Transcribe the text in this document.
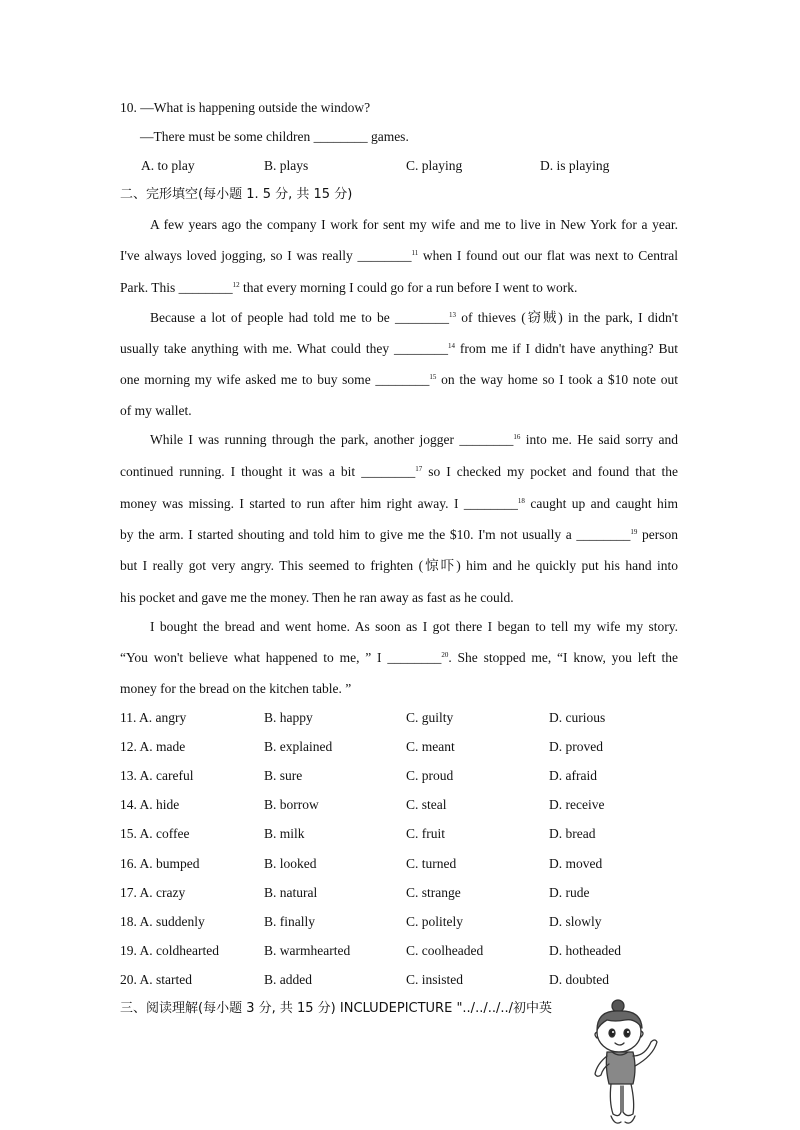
10. —What is happening outside the window?
—There must be some children ________ games.
A. to play	B. plays	C. playing	D. is playing
二、完形填空(每小题 1. 5 分, 共 15 分)
A few years ago the company I work for sent my wife and me to live in New York for a year.
I've always loved jogging, so I was really ________$^{11}$ when I found out our flat was next to Central
Park. This ________$^{12}$ that every morning I could go for a run before I went to work.
Because a lot of people had told me to be ________$^{13}$ of thieves (窃贼) in the park, I didn't
usually take anything with me. What could they ________$^{14}$ from me if I didn't have anything? But
one morning my wife asked me to buy some ________$^{15}$ on the way home so I took a $10 note out
of my wallet.
While I was running through the park, another jogger ________$^{16}$ into me. He said sorry and
continued running. I thought it was a bit ________$^{17}$ so I checked my pocket and found that the
money was missing. I started to run after him right away. I ________$^{18}$ caught up and caught him
by the arm. I started shouting and told him to give me the $10. I'm not usually a ________$^{19}$ person
but I really got very angry. This seemed to frighten (惊吓) him and he quickly put his hand into
his pocket and gave me the money. Then he ran away as fast as he could.
I bought the bread and went home. As soon as I got there I began to tell my wife my story.
“You won't believe what happened to me, ” I ________$^{20}$. She stopped me, “I know, you left the
money for the bread on the kitchen table. ”
11. A. angry	B. happy	C. guilty	D. curious
12. A. made	B. explained	C. meant	D. proved
13. A. careful	B. sure	C. proud	D. afraid
14. A. hide	B. borrow	C. steal	D. receive
15. A. coffee	B. milk	C. fruit	D. bread
16. A. bumped	B. looked	C. turned	D. moved
17. A. crazy	B. natural	C. strange	D. rude
18. A. suddenly	B. finally	C. politely	D. slowly
19. A. coldhearted	B. warmhearted	C. coolheaded	D. hotheaded
20. A. started	B. added	C. insisted	D. doubted
三、阅读理解(每小题 3 分, 共 15 分) INCLUDEPICTURE "../../../../初中英
